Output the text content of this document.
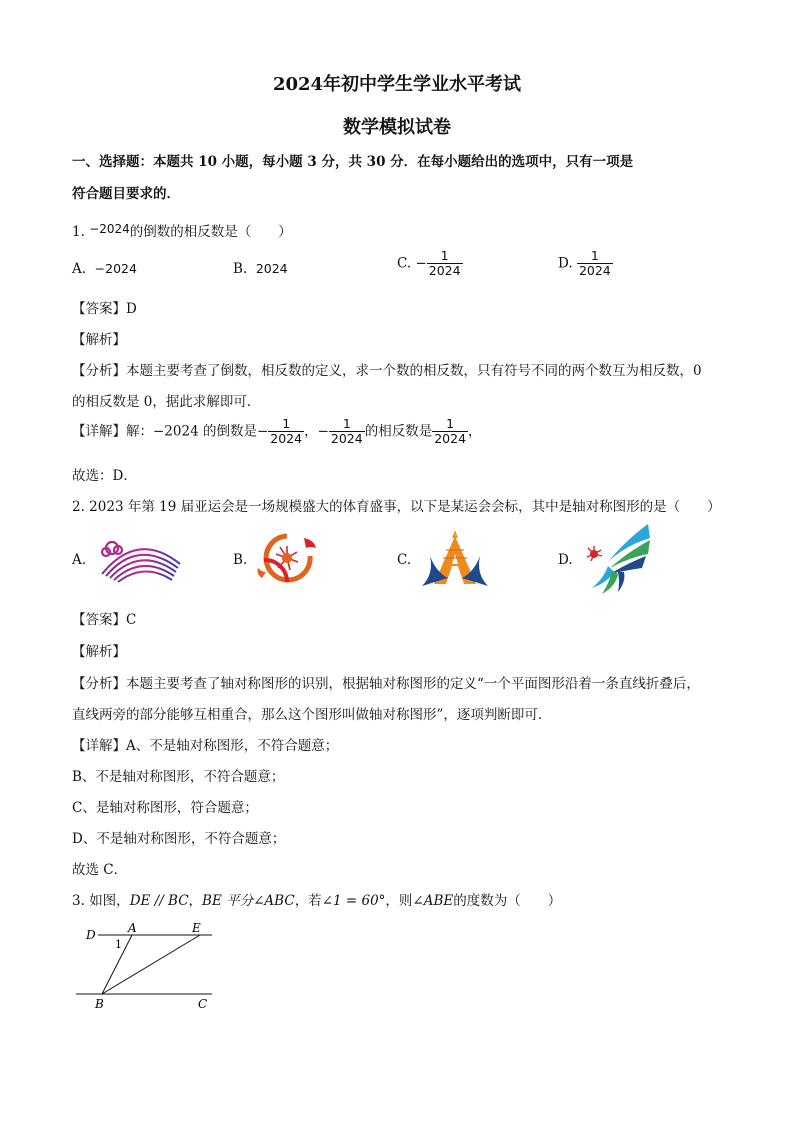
2024年初中学生学业水平考试
数学模拟试卷
一、选择题：本题共 10 小题，每小题 3 分，共 30 分．在每小题给出的选项中，只有一项是
符合题目要求的．
1. −2024的倒数的相反数是（　　）
A. −2024	B. 2024	C. − $\frac{1}{2024}$	D. $\frac{1}{2024}$
【答案】D
【解析】
【分析】本题主要考查了倒数，相反数的定义，求一个数的相反数，只有符号不同的两个数互为相反数，0
的相反数是 0，据此求解即可．
【详解】解：−2024 的倒数是− $\frac{1}{2024}$ ，− $\frac{1}{2024}$ 的相反数是 $\frac{1}{2024}$ ，
故选：D．
2. 2023 年第 19 届亚运会是一场规模盛大的体育盛事，以下是某运会会标，其中是轴对称图形的是（　　）
A.	B.	C.	D.
【答案】C
【解析】
【分析】本题主要考查了轴对称图形的识别，根据轴对称图形的定义“一个平面图形沿着一条直线折叠后，
直线两旁的部分能够互相重合，那么这个图形叫做轴对称图形”，逐项判断即可．
【详解】A、不是轴对称图形，不符合题意；
B、不是轴对称图形，不符合题意；
C、是轴对称图形，符合题意；
D、不是轴对称图形，不符合题意；
故选 C．
3. 如图，DE // BC，BE 平分∠ABC，若∠1 = 60°，则∠ABE的度数为（　　）
D	A	E
1
B	C
